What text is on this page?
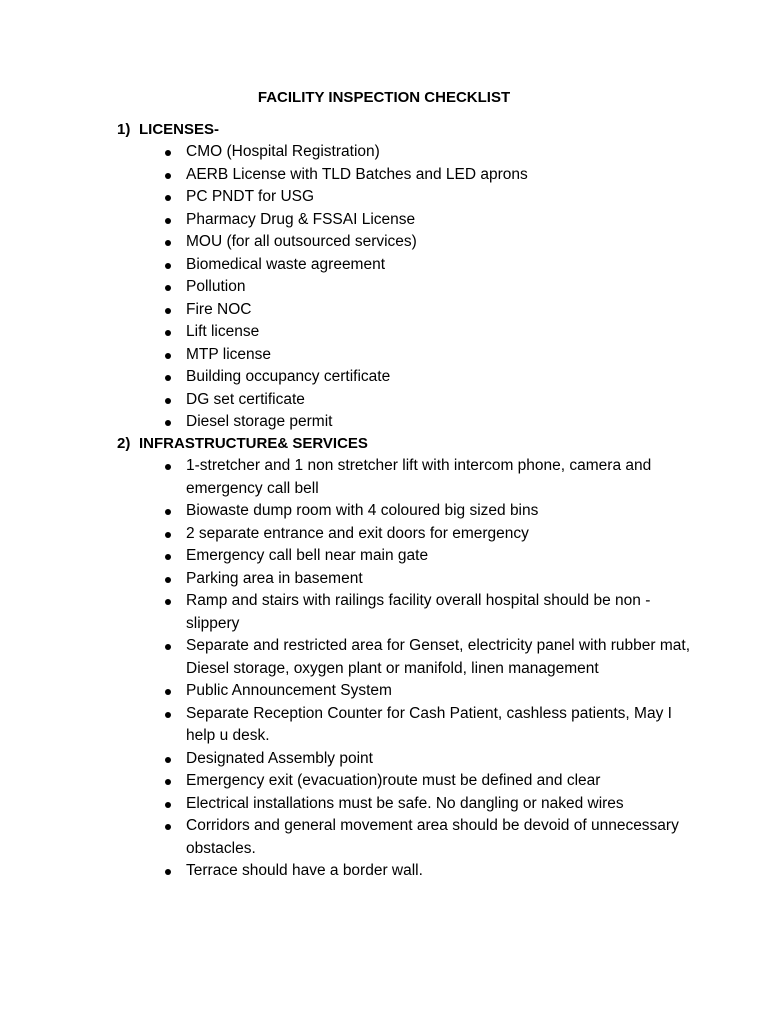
FACILITY INSPECTION CHECKLIST
1) LICENSES-
CMO (Hospital Registration)
AERB License with TLD Batches and LED aprons
PC PNDT for USG
Pharmacy Drug & FSSAI License
MOU (for all outsourced services)
Biomedical waste agreement
Pollution
Fire NOC
Lift license
MTP license
Building occupancy certificate
DG set certificate
Diesel storage permit
2) INFRASTRUCTURE& SERVICES
1-stretcher and 1 non stretcher lift with intercom phone, camera and emergency call bell
Biowaste dump room with 4 coloured big sized bins
2 separate entrance and exit doors for emergency
Emergency call bell near main gate
Parking area in basement
Ramp and stairs with railings facility overall hospital should be non -slippery
Separate and restricted area for Genset, electricity panel with rubber mat, Diesel storage, oxygen plant or manifold, linen management
Public Announcement System
Separate Reception Counter for Cash Patient, cashless patients, May I help u desk.
Designated Assembly point
Emergency exit (evacuation)route must be defined and clear
Electrical installations must be safe. No dangling or naked wires
Corridors and general movement area should be devoid of unnecessary obstacles.
Terrace should have a border wall.
